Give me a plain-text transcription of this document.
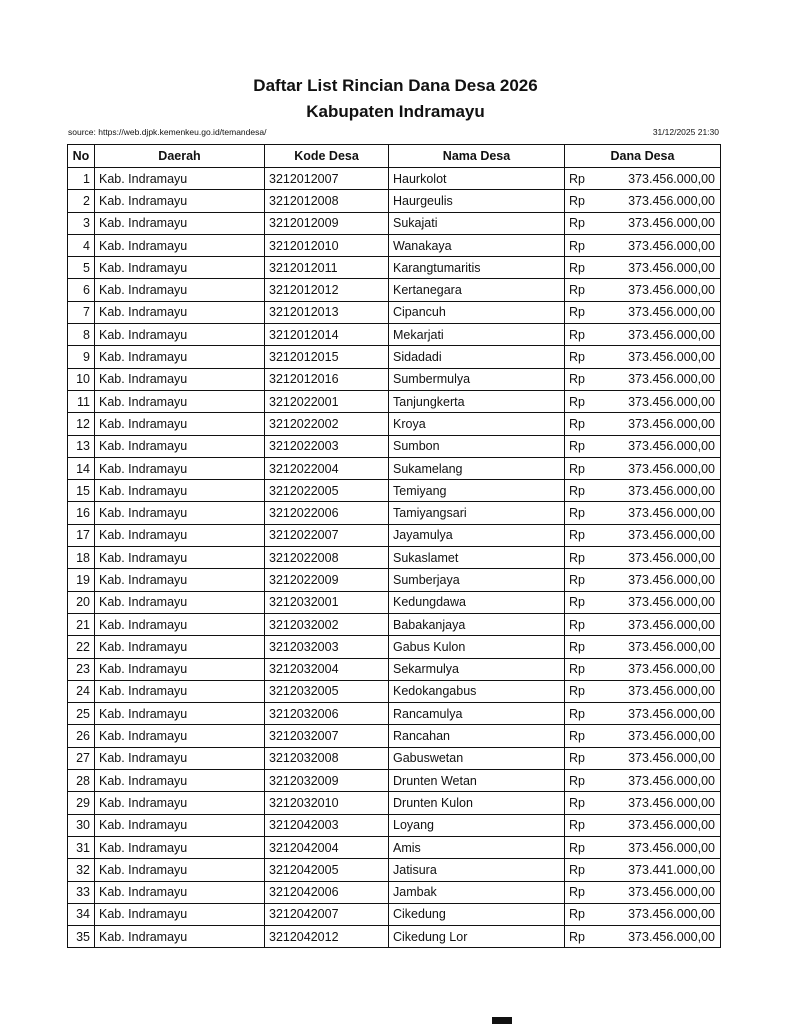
Daftar List Rincian Dana Desa 2026
Kabupaten Indramayu
source: https://web.djpk.kemenkeu.go.id/temandesa/	31/12/2025 21:30
No	Daerah	Kode Desa	Nama Desa	Dana Desa
1	Kab. Indramayu	3212012007	Haurkolot	Rp 373.456.000,00

2	Kab. Indramayu	3212012008	Haurgeulis	Rp 373.456.000,00

3	Kab. Indramayu	3212012009	Sukajati	Rp 373.456.000,00

4	Kab. Indramayu	3212012010	Wanakaya	Rp 373.456.000,00

5	Kab. Indramayu	3212012011	Karangtumaritis	Rp 373.456.000,00

6	Kab. Indramayu	3212012012	Kertanegara	Rp 373.456.000,00

7	Kab. Indramayu	3212012013	Cipancuh	Rp 373.456.000,00

8	Kab. Indramayu	3212012014	Mekarjati	Rp 373.456.000,00

9	Kab. Indramayu	3212012015	Sidadadi	Rp 373.456.000,00

10	Kab. Indramayu	3212012016	Sumbermulya	Rp 373.456.000,00

11	Kab. Indramayu	3212022001	Tanjungkerta	Rp 373.456.000,00

12	Kab. Indramayu	3212022002	Kroya	Rp 373.456.000,00

13	Kab. Indramayu	3212022003	Sumbon	Rp 373.456.000,00

14	Kab. Indramayu	3212022004	Sukamelang	Rp 373.456.000,00

15	Kab. Indramayu	3212022005	Temiyang	Rp 373.456.000,00

16	Kab. Indramayu	3212022006	Tamiyangsari	Rp 373.456.000,00

17	Kab. Indramayu	3212022007	Jayamulya	Rp 373.456.000,00

18	Kab. Indramayu	3212022008	Sukaslamet	Rp 373.456.000,00

19	Kab. Indramayu	3212022009	Sumberjaya	Rp 373.456.000,00

20	Kab. Indramayu	3212032001	Kedungdawa	Rp 373.456.000,00

21	Kab. Indramayu	3212032002	Babakanjaya	Rp 373.456.000,00

22	Kab. Indramayu	3212032003	Gabus Kulon	Rp 373.456.000,00

23	Kab. Indramayu	3212032004	Sekarmulya	Rp 373.456.000,00

24	Kab. Indramayu	3212032005	Kedokangabus	Rp 373.456.000,00

25	Kab. Indramayu	3212032006	Rancamulya	Rp 373.456.000,00

26	Kab. Indramayu	3212032007	Rancahan	Rp 373.456.000,00

27	Kab. Indramayu	3212032008	Gabuswetan	Rp 373.456.000,00

28	Kab. Indramayu	3212032009	Drunten Wetan	Rp 373.456.000,00

29	Kab. Indramayu	3212032010	Drunten Kulon	Rp 373.456.000,00

30	Kab. Indramayu	3212042003	Loyang	Rp 373.456.000,00

31	Kab. Indramayu	3212042004	Amis	Rp 373.456.000,00

32	Kab. Indramayu	3212042005	Jatisura	Rp 373.441.000,00

33	Kab. Indramayu	3212042006	Jambak	Rp 373.456.000,00

34	Kab. Indramayu	3212042007	Cikedung	Rp 373.456.000,00

35	Kab. Indramayu	3212042012	Cikedung Lor	Rp 373.456.000,00
